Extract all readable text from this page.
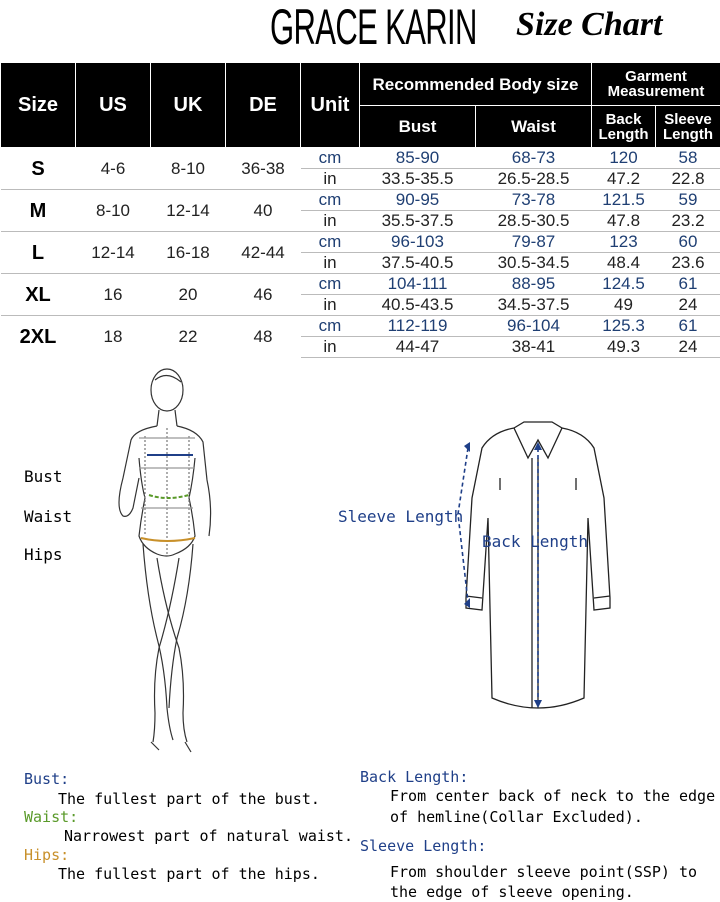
GRACE KARIN Size Chart
Size	US	UK	DE	Unit	Recommended Body size		Garment Measurement	
					Bust	Waist	Back Length	Sleeve Length
S	4-6	8-10	36-38	cm	85-90	68-73	120	58
				in	33.5-35.5	26.5-28.5	47.2	22.8
M	8-10	12-14	40	cm	90-95	73-78	121.5	59
				in	35.5-37.5	28.5-30.5	47.8	23.2
L	12-14	16-18	42-44	cm	96-103	79-87	123	60
				in	37.5-40.5	30.5-34.5	48.4	23.6
XL	16	20	46	cm	104-111	88-95	124.5	61
				in	40.5-43.5	34.5-37.5	49	24
2XL	18	22	48	cm	112-119	96-104	125.3	61
				in	44-47	38-41	49.3	24
Bust
Waist
Hips
Sleeve Length
Back Length
Bust:
The fullest part of the bust.
Waist:
Narrowest part of natural waist.
Hips:
The fullest part of the hips.
Back Length:
From center back of neck to the edge
of hemline(Collar Excluded).
Sleeve Length:
From shoulder sleeve point(SSP) to
the edge of sleeve opening.
